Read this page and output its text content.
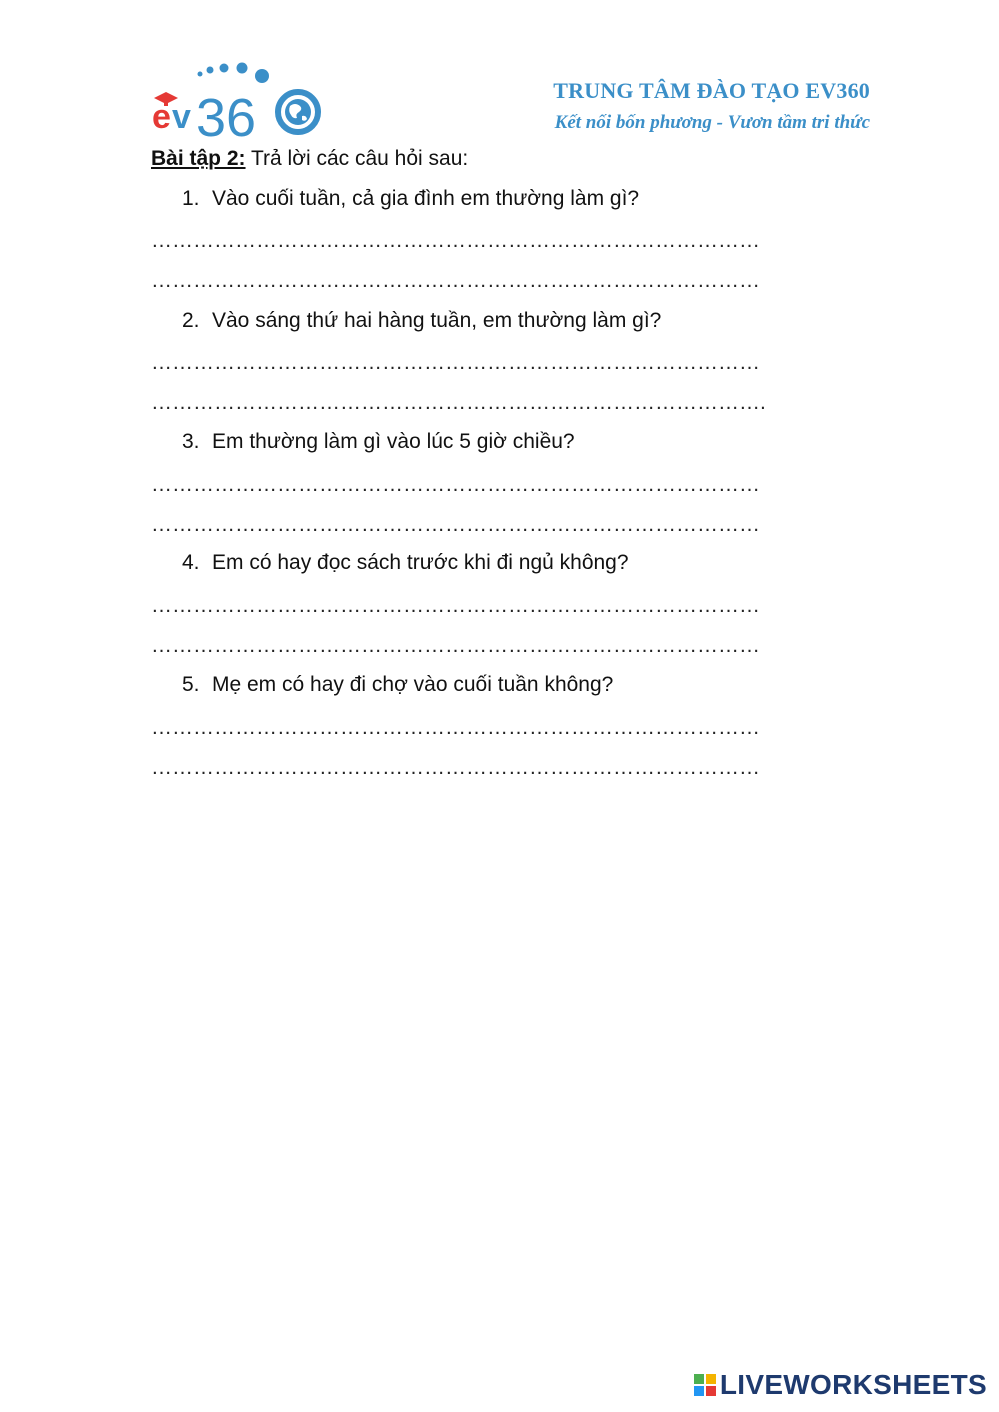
e v 36	TRUNG TÂM ĐÀO TẠO EV360
Kết nối bốn phương - Vươn tầm tri thức
Bài tập 2: Trả lời các câu hỏi sau:
1. Vào cuối tuần, cả gia đình em thường làm gì?
……………………………………………………………………………
……………………………………………………………………………
2. Vào sáng thứ hai hàng tuần, em thường làm gì?
……………………………………………………………………………
…………………………………………………………………………….
3. Em thường làm gì vào lúc 5 giờ chiều?
……………………………………………………………………………
……………………………………………………………………………
4. Em có hay đọc sách trước khi đi ngủ không?
……………………………………………………………………………
……………………………………………………………………………
5. Mẹ em có hay đi chợ vào cuối tuần không?
……………………………………………………………………………
……………………………………………………………………………
LIVEWORKSHEETS
